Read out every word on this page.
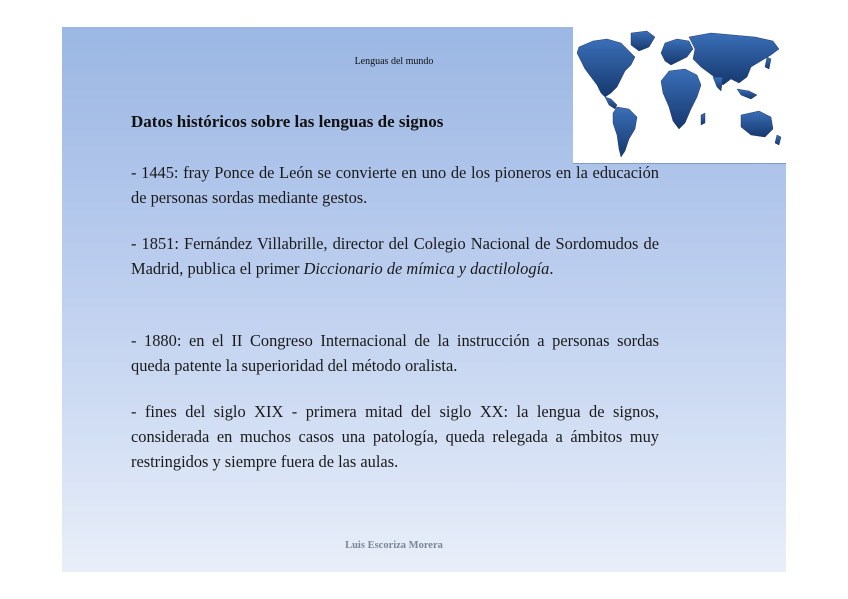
Lenguas del mundo
Datos históricos sobre las lenguas de signos

- 1445: fray Ponce de León se convierte en uno de los pioneros en la educación de personas sordas mediante gestos.

- 1851: Fernández Villabrille, director del Colegio Nacional de Sordomudos de Madrid, publica el primer Diccionario de mímica y dactilología.

- 1880: en el II Congreso Internacional de la instrucción a personas sordas queda patente la superioridad del método oralista.

- fines del siglo XIX - primera mitad del siglo XX: la lengua de signos, considerada en muchos casos una patología, queda relegada a ámbitos muy restringidos y siempre fuera de las aulas.

Luis Escoriza Morera
